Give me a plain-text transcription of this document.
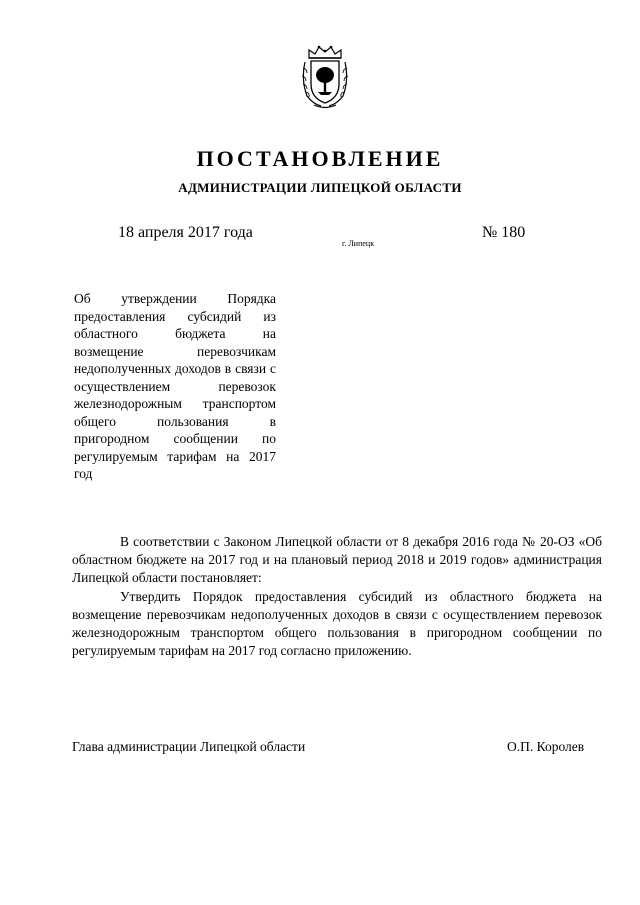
ПОСТАНОВЛЕНИЕ
АДМИНИСТРАЦИИ ЛИПЕЦКОЙ ОБЛАСТИ
18 апреля 2017 года
г. Липецк
№ 180
Об утверждении Порядка предоставления субсидий из областного бюджета на возмещение перевозчикам недополученных доходов в связи с осуществлением перевозок железнодорожным транспортом общего пользования в пригородном сообщении по регулируемым тарифам на 2017 год

В соответствии с Законом Липецкой области от 8 декабря 2016 года № 20-ОЗ «Об областном бюджете на 2017 год и на плановый период 2018 и 2019 годов» администрация Липецкой области постановляет:

Утвердить Порядок предоставления субсидий из областного бюджета на возмещение перевозчикам недополученных доходов в связи с осуществлением перевозок железнодорожным транспортом общего пользования в пригородном сообщении по регулируемым тарифам на 2017 год согласно приложению.

Глава администрации Липецкой области	О.П. Королев
